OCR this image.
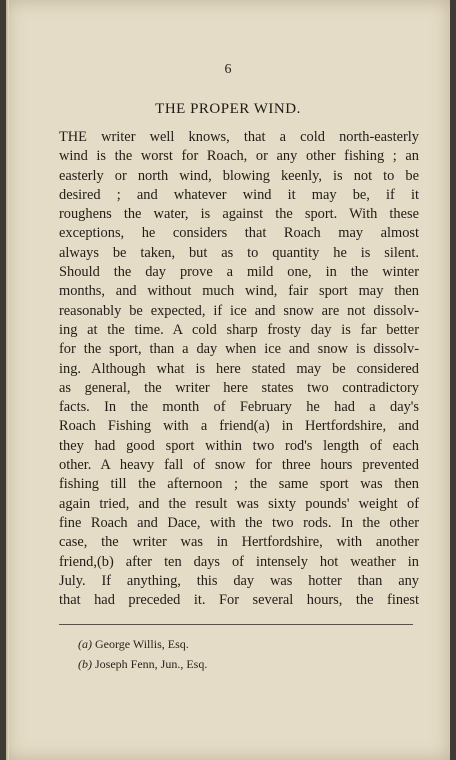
6
THE PROPER WIND.
THE writer well knows, that a cold north-easterly
wind is the worst for Roach, or any other fishing ; an
easterly or north wind, blowing keenly, is not to be
desired ; and whatever wind it may be, if it
roughens the water, is against the sport. With these
exceptions, he considers that Roach may almost
always be taken, but as to quantity he is silent.
Should the day prove a mild one, in the winter
months, and without much wind, fair sport may then
reasonably be expected, if ice and snow are not dissolv-
ing at the time. A cold sharp frosty day is far better
for the sport, than a day when ice and snow is dissolv-
ing. Although what is here stated may be considered
as general, the writer here states two contradictory
facts. In the month of February he had a day's
Roach Fishing with a friend(a) in Hertfordshire, and
they had good sport within two rod's length of each
other. A heavy fall of snow for three hours prevented
fishing till the afternoon ; the same sport was then
again tried, and the result was sixty pounds' weight of
fine Roach and Dace, with the two rods. In the other
case, the writer was in Hertfordshire, with another
friend,(b) after ten days of intensely hot weather in
July. If anything, this day was hotter than any
that had preceded it. For several hours, the finest
(a) George Willis, Esq.
(b) Joseph Fenn, Jun., Esq.
